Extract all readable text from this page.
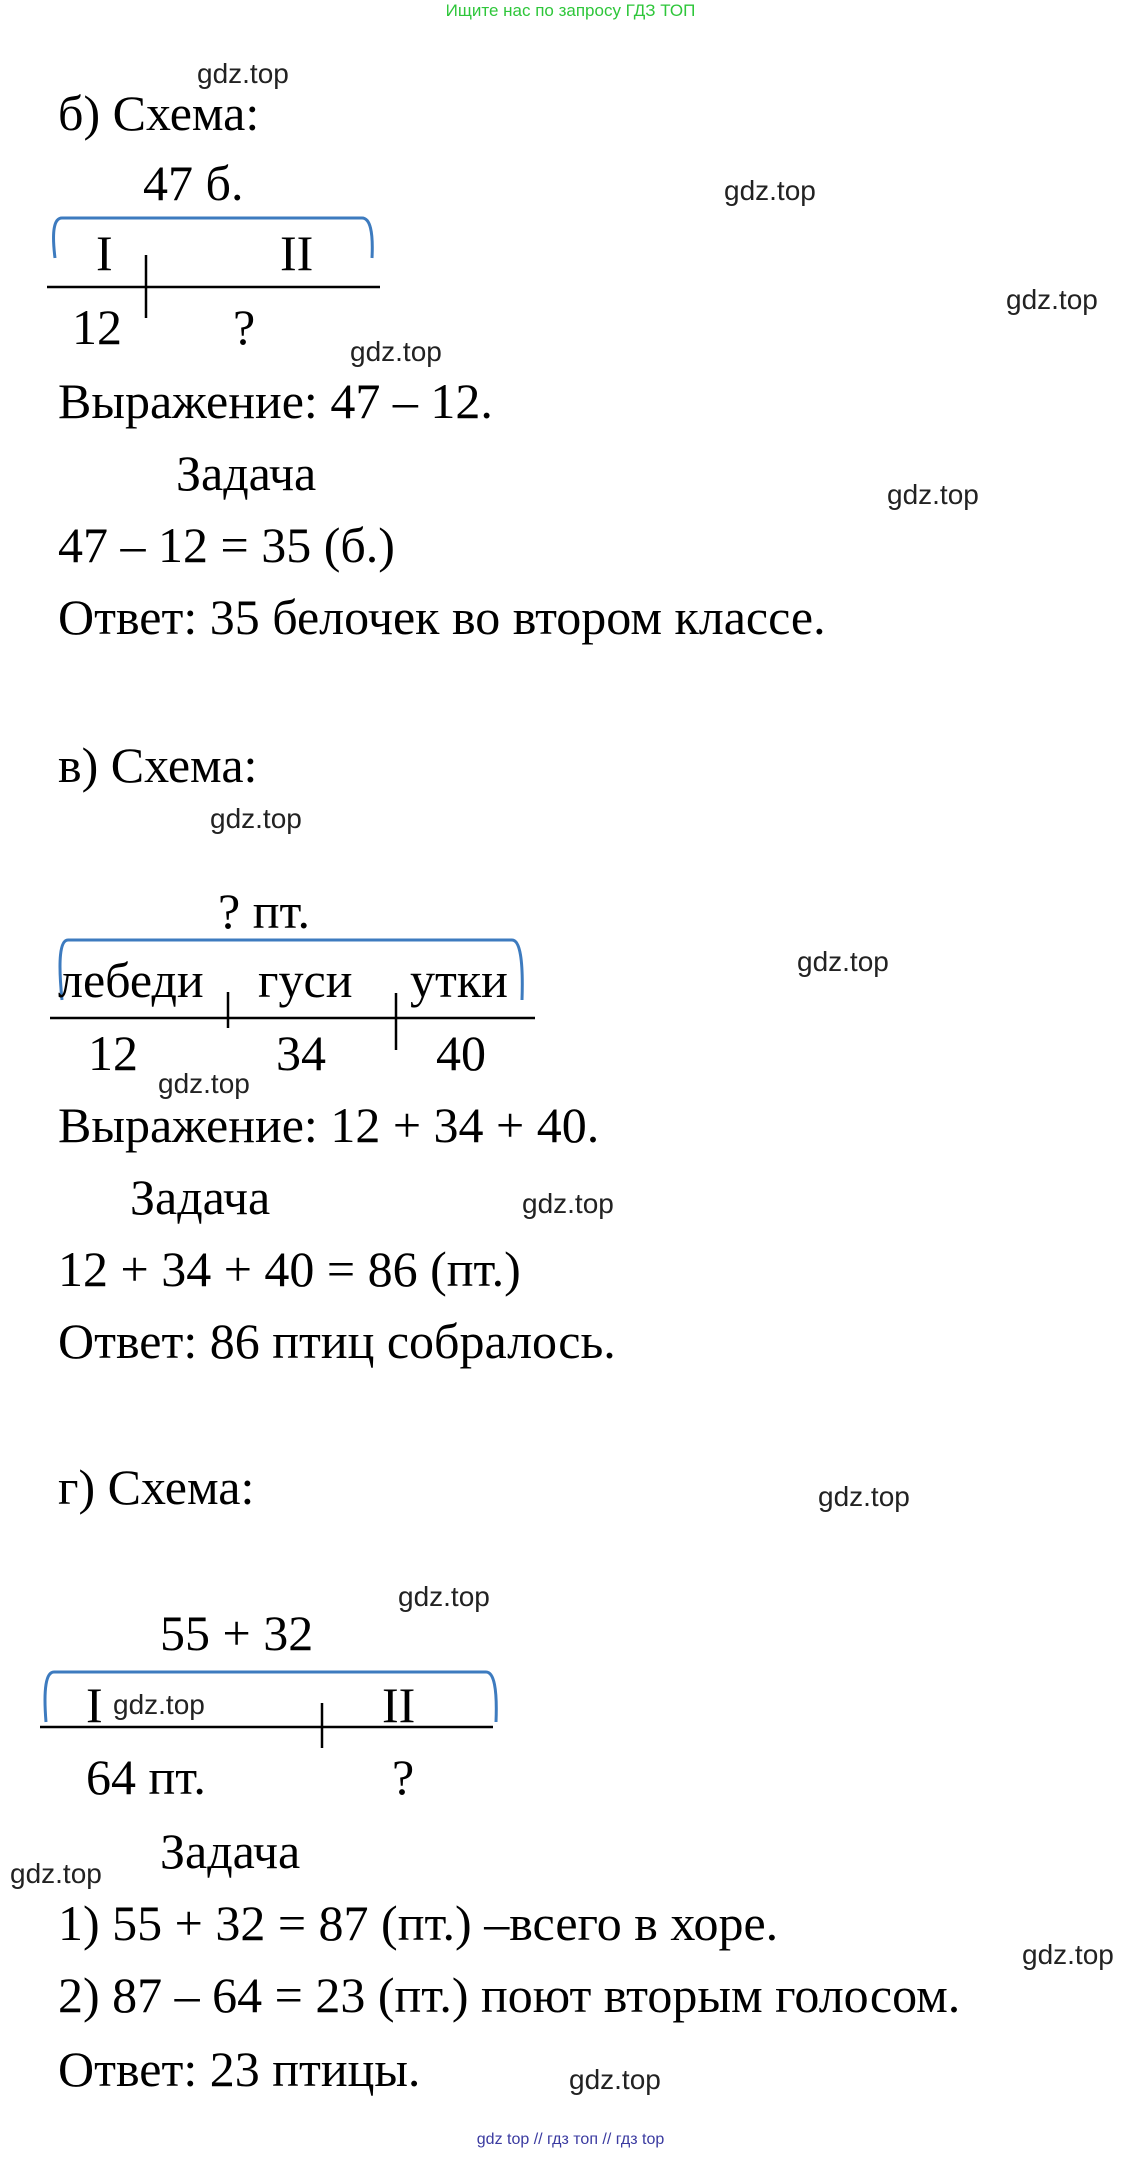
Ищите нас по запросу ГДЗ ТОП
gdz.top
gdz.top
gdz.top
gdz.top
gdz.top
gdz.top
gdz.top
gdz.top
gdz.top
gdz.top
gdz.top
gdz.top
gdz.top
gdz.top
gdz.top
б) Схема:
47 б.
I	II
12 ?
Выражение: 47 – 12.
Задача
47 – 12 = 35 (б.)
Ответ: 35 белочек во втором классе.
в) Схема:
? пт.
лебеди гуси утки
12	34 40
Выражение: 12 + 34 + 40.
Задача
12 + 34 + 40 = 86 (пт.)
Ответ: 86 птиц собралось.
г) Схема:
55 + 32
I	II
64 пт.	?
Задача
1) 55 + 32 = 87 (пт.) –всего в хоре.
2) 87 – 64 = 23 (пт.) поют вторым голосом.
Ответ: 23 птицы.
gdz top // гдз топ // гдз top
